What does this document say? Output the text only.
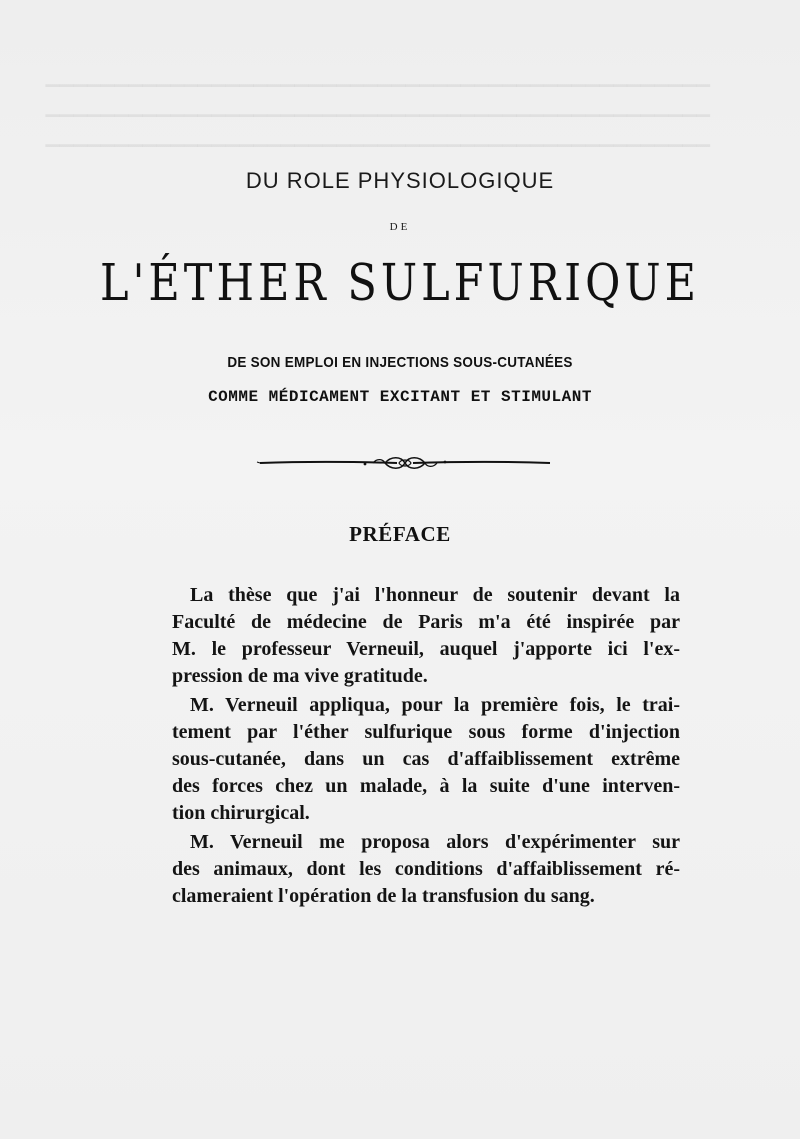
▔▔▔▔▔▔▔▔▔▔▔▔▔▔▔▔▔▔▔▔▔▔▔▔▔▔▔▔▔▔▔▔▔▔▔▔▔▔▔▔▔▔▔▔▔▔▔▔
▔▔▔▔▔▔▔▔▔▔▔▔▔▔▔▔▔▔▔▔▔▔▔▔▔▔▔▔▔▔▔▔▔▔▔▔▔▔▔▔▔▔▔▔▔▔▔▔
▔▔▔▔▔▔▔▔▔▔▔▔▔▔▔▔▔▔▔▔▔▔▔▔▔▔▔▔▔▔▔▔▔▔▔▔▔▔▔▔▔▔▔▔▔▔▔▔
DU ROLE PHYSIOLOGIQUE
DE
L'ÉTHER SULFURIQUE
DE SON EMPLOI EN INJECTIONS SOUS-CUTANÉES
COMME MÉDICAMENT EXCITANT ET STIMULANT
PRÉFACE
La thèse que j'ai l'honneur de soutenir devant la
Faculté de médecine de Paris m'a été inspirée par
M. le professeur Verneuil, auquel j'apporte ici l'ex-
pression de ma vive gratitude.
M. Verneuil appliqua, pour la première fois, le trai-
tement par l'éther sulfurique sous forme d'injection
sous-cutanée, dans un cas d'affaiblissement extrême
des forces chez un malade, à la suite d'une interven-
tion chirurgical.
M. Verneuil me proposa alors d'expérimenter sur
des animaux, dont les conditions d'affaiblissement ré-
clameraient l'opération de la transfusion du sang.
